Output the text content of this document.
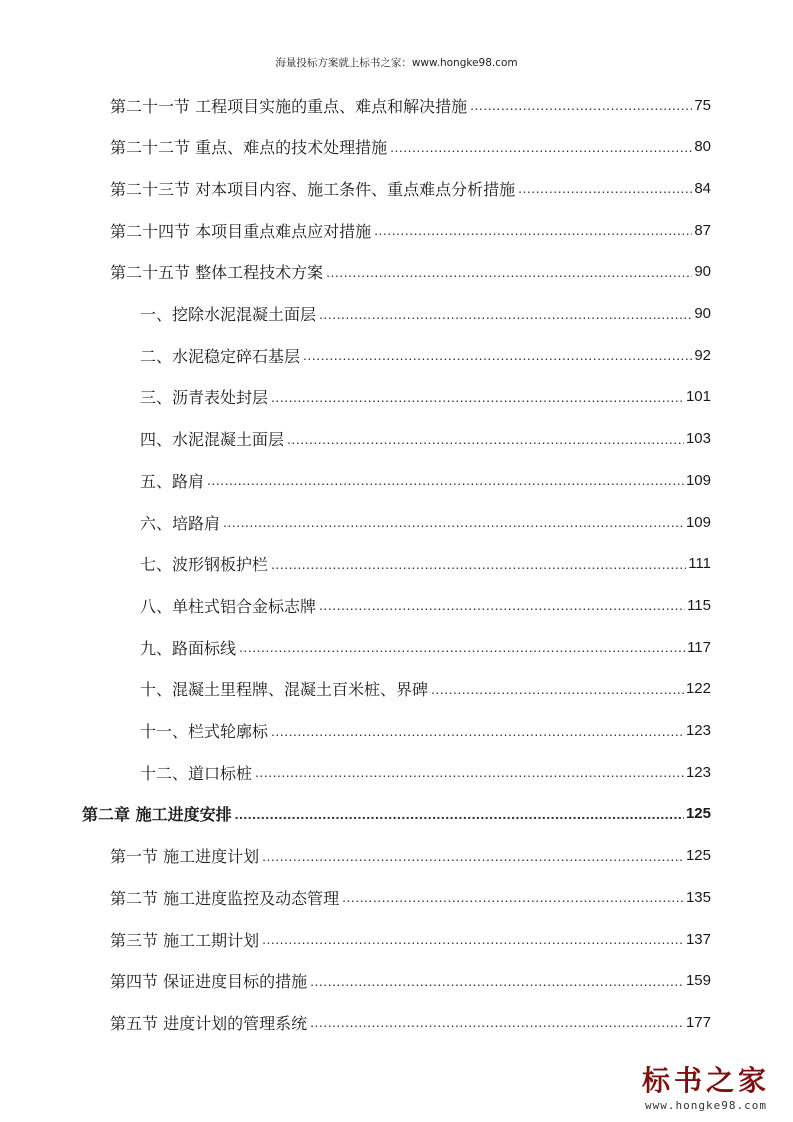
海量投标方案就上标书之家：www.hongke98.com
第二十一节 工程项目实施的重点、难点和解决措施 .....	75
第二十二节 重点、难点的技术处理措施 .....	80
第二十三节 对本项目内容、施工条件、重点难点分析措施 .....	84
第二十四节 本项目重点难点应对措施 .....	87
第二十五节 整体工程技术方案 .....	90
一、挖除水泥混凝土面层 .....	90
二、水泥稳定碎石基层 .....	92
三、沥青表处封层 .....	101
四、水泥混凝土面层 .....	103
五、路肩 .....	109
六、培路肩 .....	109
七、波形钢板护栏 .....	111
八、单柱式铝合金标志牌 .....	115
九、路面标线 .....	117
十、混凝土里程牌、混凝土百米桩、界碑 .....	122
十一、栏式轮廓标 .....	123
十二、道口标桩 .....	123
第二章 施工进度安排 .....	125
第一节 施工进度计划 .....	125
第二节 施工进度监控及动态管理 .....	135
第三节 施工工期计划 .....	137
第四节 保证进度目标的措施 .....	159
第五节 进度计划的管理系统 .....	177
标书之家
www.hongke98.com
